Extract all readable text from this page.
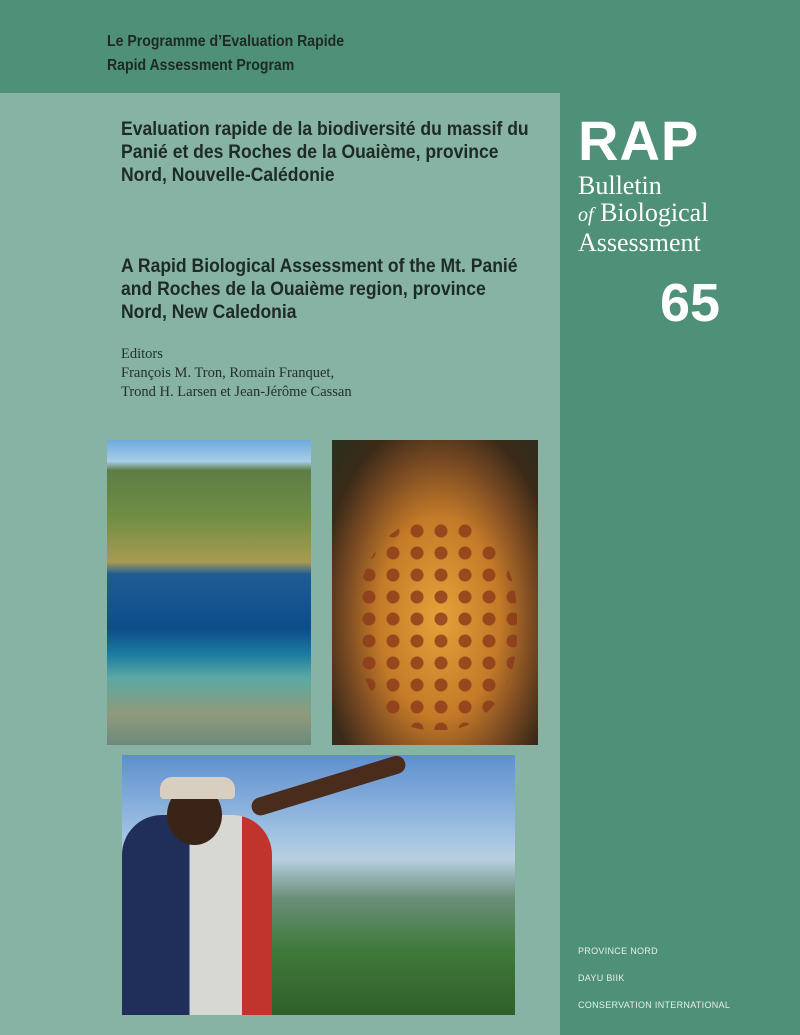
Le Programme d’Evaluation Rapide
Rapid Assessment Program
Evaluation rapide de la biodiversité du massif du Panié et des Roches de la Ouaième, province Nord, Nouvelle-Calédonie
A Rapid Biological Assessment of the Mt. Panié and Roches de la Ouaième region, province Nord, New Caledonia
Editors
François M. Tron, Romain Franquet,
Trond H. Larsen et Jean-Jérôme Cassan
RAP
Bulletin
of Biological
Assessment
65
PROVINCE NORD
DAYU BIIK
CONSERVATION INTERNATIONAL
